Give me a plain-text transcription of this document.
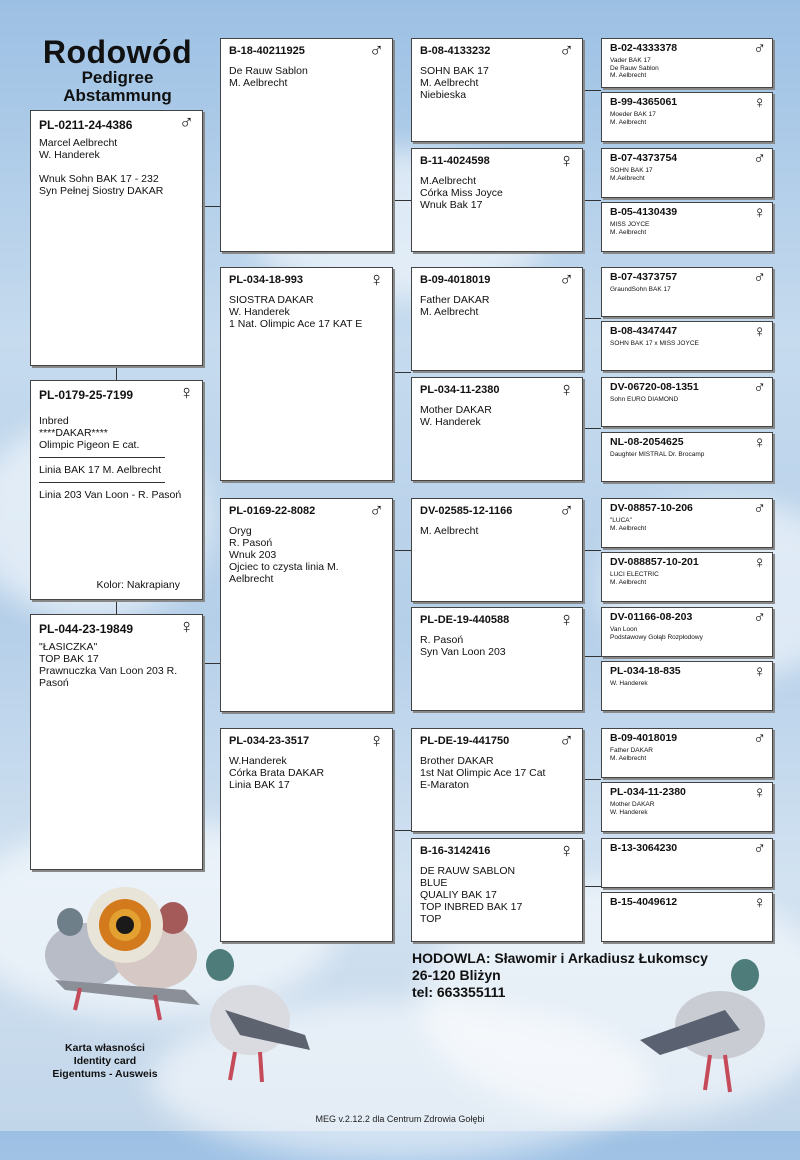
Rodowód
Pedigree
Abstammung
PL-0211-24-4386 ♂
Marcel Aelbrecht
W. Handerek
Wnuk Sohn BAK 17 - 232
Syn Pełnej Siostry DAKAR
PL-0179-25-7199 ♀
Inbred
****DAKAR****
Olimpic Pigeon E cat.
Linia BAK 17 M. Aelbrecht
Linia 203 Van Loon - R. Pasoń
Kolor: Nakrapiany
PL-044-23-19849 ♀
"ŁASICZKA"
TOP BAK 17
Prawnuczka Van Loon 203 R.
Pasoń
B-18-40211925	♂
De Rauw Sablon
M. Aelbrecht
PL-034-18-993	♀
SIOSTRA DAKAR
W. Handerek
1 Nat. Olimpic Ace 17 KAT E
PL-0169-22-8082	♂
Oryg
R. Pasoń
Wnuk 203
Ojciec to czysta linia M.
Aelbrecht
PL-034-23-3517	♀
W.Handerek
Córka Brata DAKAR
Linia BAK 17
B-08-4133232	♂
SOHN BAK 17
M. Aelbrecht
Niebieska
B-11-4024598	♀
M.Aelbrecht
Córka Miss Joyce
Wnuk Bak 17
B-09-4018019	♂
Father DAKAR
M. Aelbrecht
PL-034-11-2380	♀
Mother DAKAR
W. Handerek
DV-02585-12-1166 ♂
M. Aelbrecht
PL-DE-19-440588 ♀
R. Pasoń
Syn Van Loon 203
PL-DE-19-441750 ♂
Brother DAKAR
1st Nat Olimpic Ace 17 Cat
E-Maraton
B-16-3142416	♀
DE RAUW SABLON
BLUE
QUALIY BAK 17
TOP INBRED BAK 17
TOP
B-02-4333378	♂
Vader BAK 17
De Rauw Sablon
M. Aelbrecht
B-99-4365061	♀
Moeder BAK 17
M. Aelbrecht
B-07-4373754	♂
SOHN BAK 17
M.Aelbrecht
B-05-4130439	♀
MISS JOYCE
M. Aelbrecht
B-07-4373757	♂
GraundSohn BAK 17
B-08-4347447	♀
SOHN BAK 17 x MISS JOYCE
DV-06720-08-1351	♂
Sohn EURO DIAMOND
NL-08-2054625	♀
Daughter MISTRAL Dr. Brocamp
DV-08857-10-206	♂
"LUCA"
M. Aelbrecht
DV-088857-10-201	♀
LUCI ELECTRIC
M. Aelbrecht
DV-01166-08-203	♂
Van Loon
Podstawowy Gołąb Rozpłodowy
PL-034-18-835	♀
W. Handerek
B-09-4018019	♂
Father DAKAR
M. Aelbrecht
PL-034-11-2380	♀
Mother DAKAR
W. Handerek
B-13-3064230	♂
B-15-4049612	♀
HODOWLA: Sławomir i Arkadiusz Łukomscy
26-120 Bliżyn
tel: 663355111
Karta własności
Identity card
Eigentums - Ausweis
MEG v.2.12.2 dla Centrum Zdrowia Gołębi
